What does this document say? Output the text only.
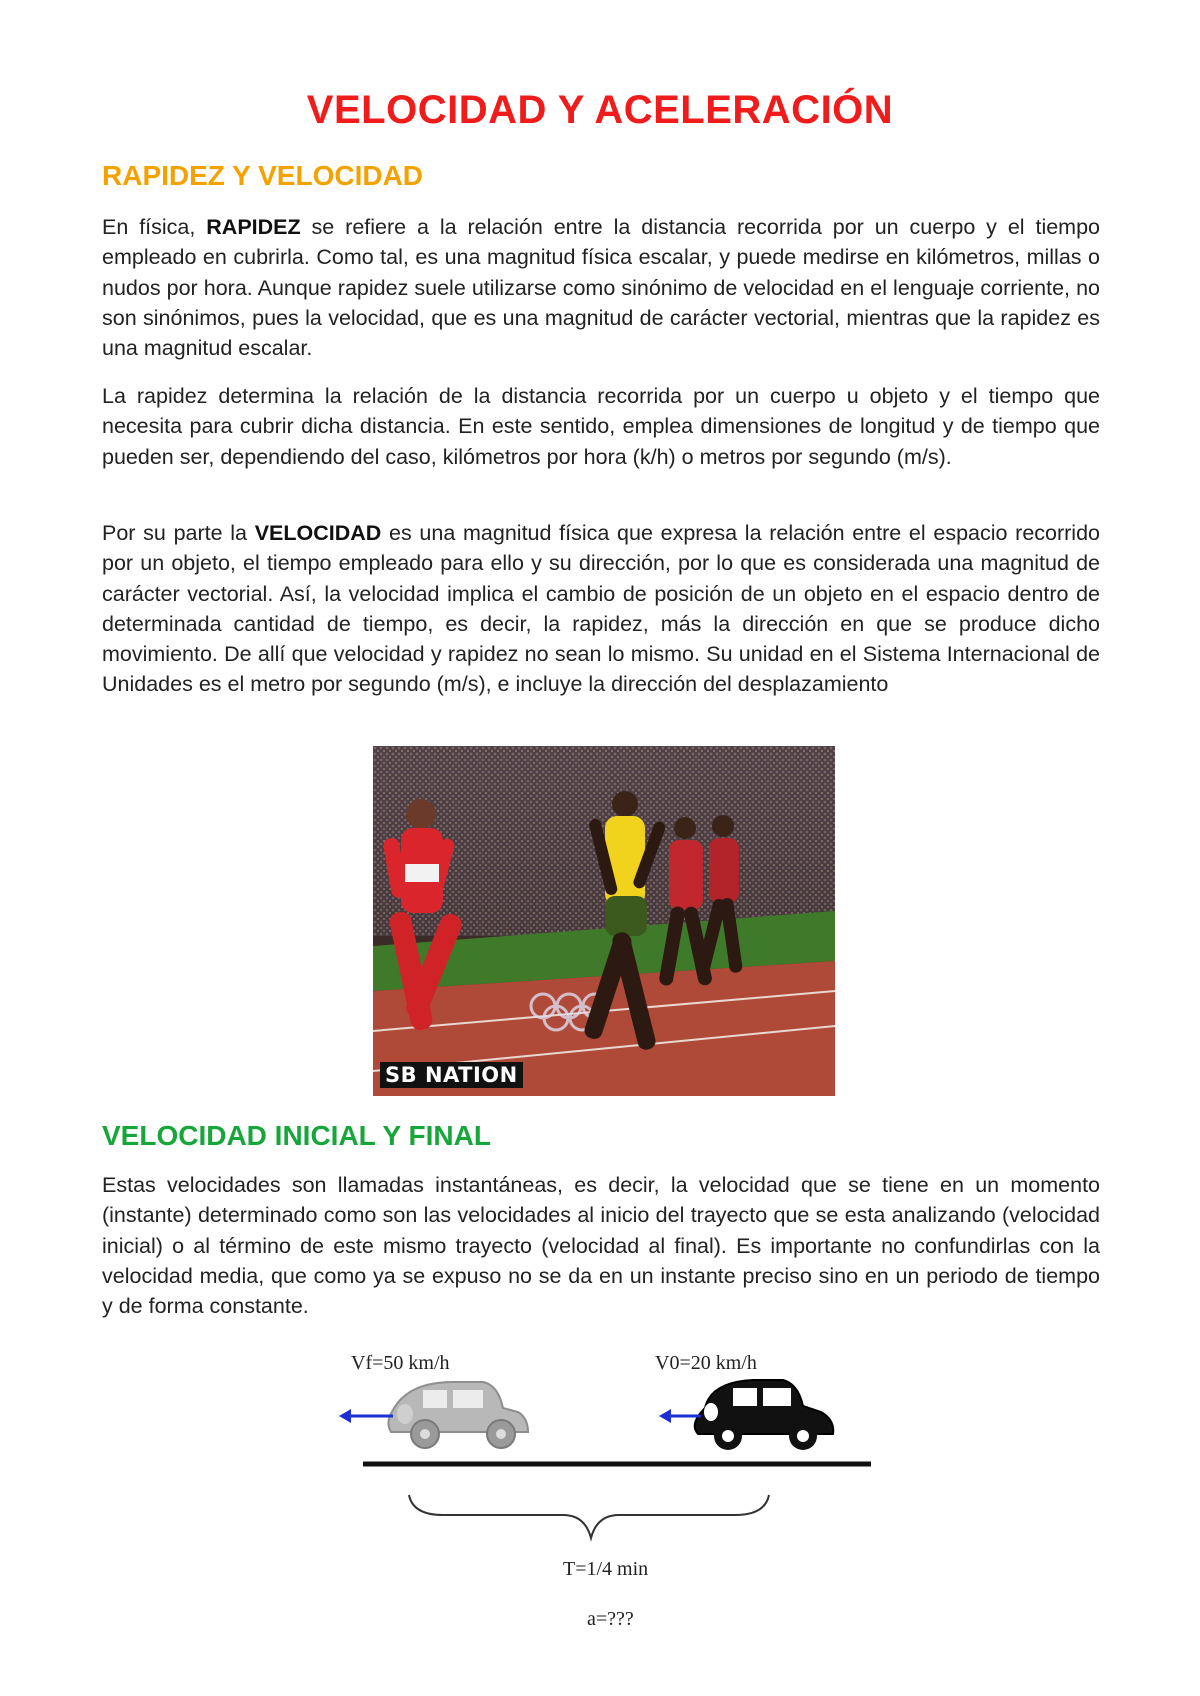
VELOCIDAD Y ACELERACIÓN
RAPIDEZ Y VELOCIDAD

En física, RAPIDEZ se refiere a la relación entre la distancia recorrida por un cuerpo y el tiempo empleado en cubrirla. Como tal, es una magnitud física escalar, y puede medirse en kilómetros, millas o nudos por hora. Aunque rapidez suele utilizarse como sinónimo de velocidad en el lenguaje corriente, no son sinónimos, pues la velocidad, que es una magnitud de carácter vectorial, mientras que la rapidez es una magnitud escalar.

La rapidez determina la relación de la distancia recorrida por un cuerpo u objeto y el tiempo que necesita para cubrir dicha distancia. En este sentido, emplea dimensiones de longitud y de tiempo que pueden ser, dependiendo del caso, kilómetros por hora (k/h) o metros por segundo (m/s).

Por su parte la VELOCIDAD es una magnitud física que expresa la relación entre el espacio recorrido por un objeto, el tiempo empleado para ello y su dirección, por lo que es considerada una magnitud de carácter vectorial. Así, la velocidad implica el cambio de posición de un objeto en el espacio dentro de determinada cantidad de tiempo, es decir, la rapidez, más la dirección en que se produce dicho movimiento. De allí que velocidad y rapidez no sean lo mismo. Su unidad en el Sistema Internacional de Unidades es el metro por segundo (m/s), e incluye la dirección del desplazamiento

SB NATION
VELOCIDAD INICIAL Y FINAL

Estas velocidades son llamadas instantáneas, es decir, la velocidad que se tiene en un momento (instante) determinado como son las velocidades al inicio del trayecto que se esta analizando (velocidad inicial) o al término de este mismo trayecto (velocidad al final). Es importante no confundirlas con la velocidad media, que como ya se expuso no se da en un instante preciso sino en un periodo de tiempo y de forma constante.

Vf=50 km/h	V0=20 km/h
T=1/4 min
a=???
